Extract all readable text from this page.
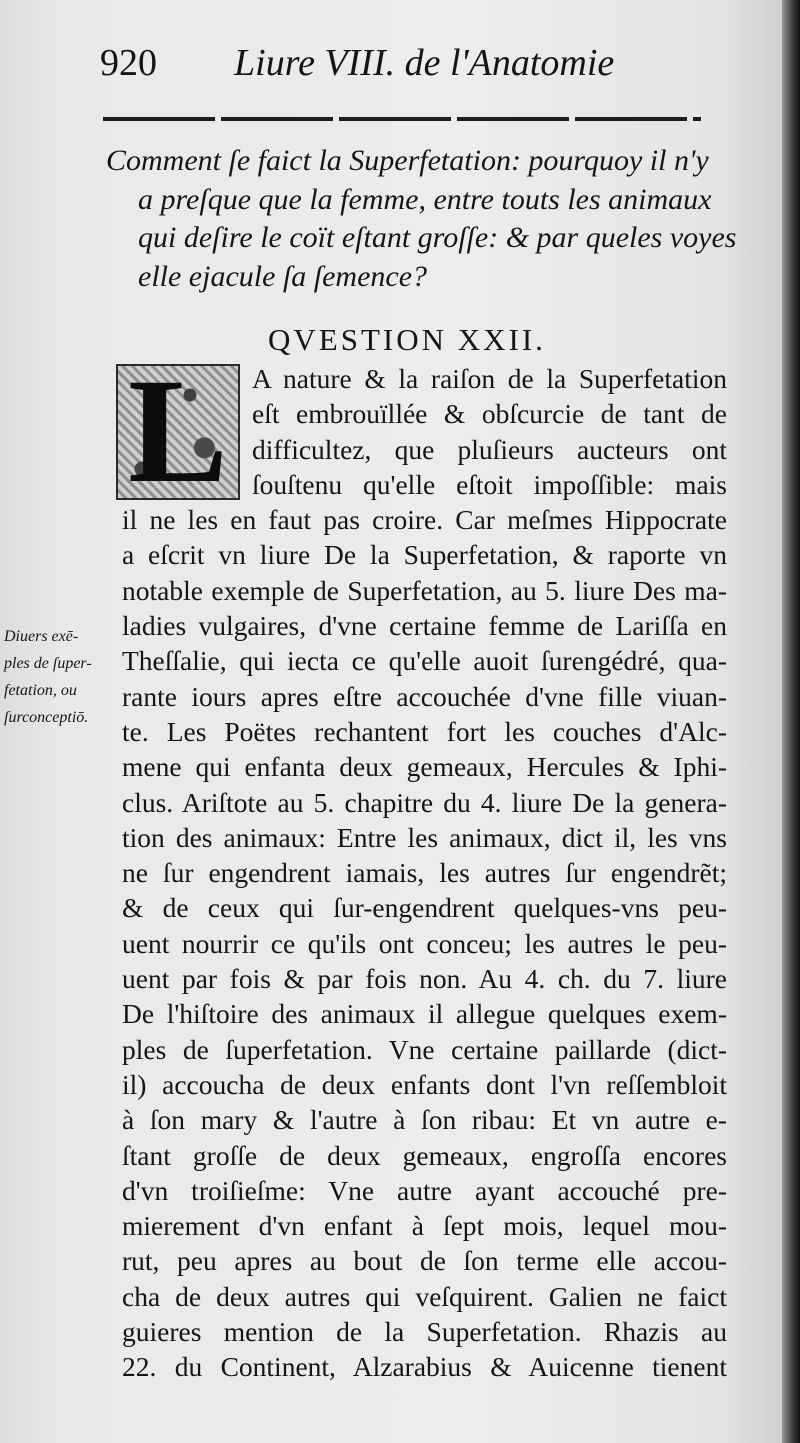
920 Liure VIII. de l'Anatomie
Comment ſe faict la Superfetation: pourquoy il n'y
a preſque que la femme, entre touts les animaux
qui deſire le coït eſtant groſſe: & par queles voyes
elle ejacule ſa ſemence?
QVESTION XXII.
L A nature & la raiſon de la Superfetation
eſt embrouïllée & obſcurcie de tant de
difficultez, que pluſieurs aucteurs ont
ſouſtenu qu'elle eſtoit impoſſible: mais
il ne les en faut pas croire. Car meſmes Hippocrate
a eſcrit vn liure De la Superfetation, & raporte vn
notable exemple de Superfetation, au 5. liure Des ma-
ladies vulgaires, d'vne certaine femme de Lariſſa en
Theſſalie, qui iecta ce qu'elle auoit ſurengédré, qua-
rante iours apres eſtre accouchée d'vne fille viuan-
te. Les Poëtes rechantent fort les couches d'Alc-
mene qui enfanta deux gemeaux, Hercules & Iphi-
clus. Ariſtote au 5. chapitre du 4. liure De la genera-
tion des animaux: Entre les animaux, dict il, les vns
ne ſur engendrent iamais, les autres ſur engendrẽt;
& de ceux qui ſur-engendrent quelques-vns peu-
uent nourrir ce qu'ils ont conceu; les autres le peu-
uent par fois & par fois non. Au 4. ch. du 7. liure
De l'hiſtoire des animaux il allegue quelques exem-
ples de ſuperfetation. Vne certaine paillarde (dict-
il) accoucha de deux enfants dont l'vn reſſembloit
à ſon mary & l'autre à ſon ribau: Et vn autre e-
ſtant groſſe de deux gemeaux, engroſſa encores
d'vn troiſieſme: Vne autre ayant accouché pre-
mierement d'vn enfant à ſept mois, lequel mou-
rut, peu apres au bout de ſon terme elle accou-
cha de deux autres qui veſquirent. Galien ne faict
guieres mention de la Superfetation. Rhazis au
22. du Continent, Alzarabius & Auicenne tienent
Diuers exē-
ples de ſuper-
fetation, ou
ſurconceptiō.
